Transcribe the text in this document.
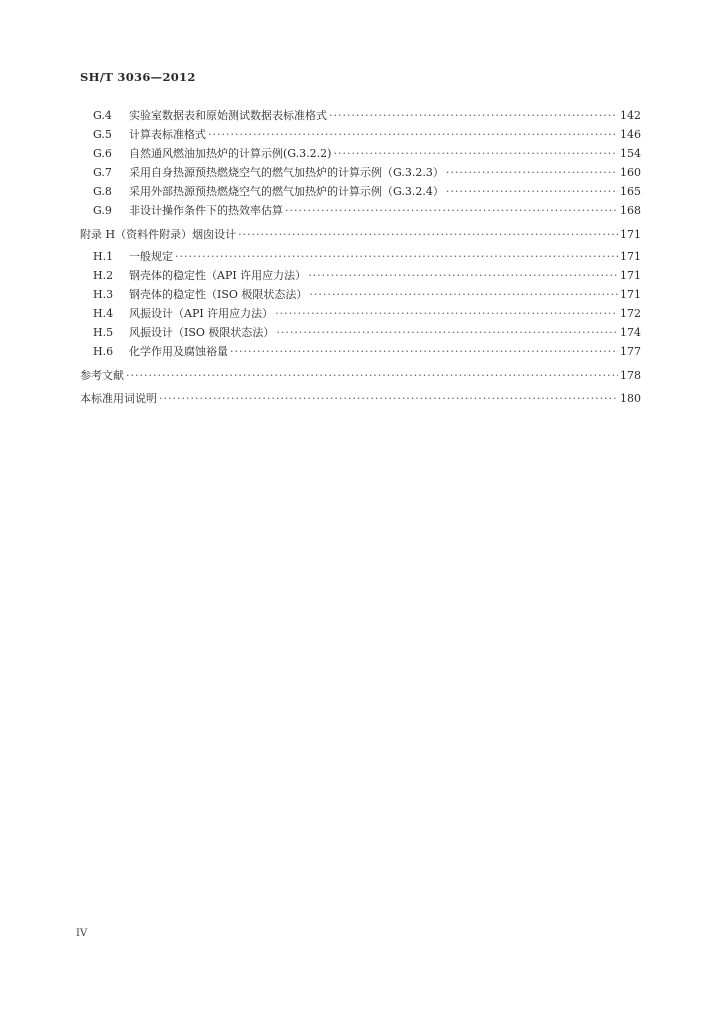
SH/T 3036—2012
G.4	实验室数据表和原始测试数据表标准格式 ·····	142
G.5	计算表标准格式 ·····	146
G.6	自然通风燃油加热炉的计算示例(G.3.2.2) ·····	154
G.7	采用自身热源预热燃烧空气的燃气加热炉的计算示例（G.3.2.3） ·····	160
G.8	采用外部热源预热燃烧空气的燃气加热炉的计算示例（G.3.2.4） ·····	165
G.9	非设计操作条件下的热效率估算 ·····	168
附录 H（资料件附录）烟囱设计 ·····	171
H.1	一般规定 ·····	171
H.2	钢壳体的稳定性（API 许用应力法） ·····	171
H.3	钢壳体的稳定性（ISO 极限状态法） ·····	171
H.4	风振设计（API 许用应力法） ·····	172
H.5	风振设计（ISO 极限状态法） ·····	174
H.6	化学作用及腐蚀裕量 ·····	177
参考文献 ·····	178
本标准用词说明 ·····	180
IV
